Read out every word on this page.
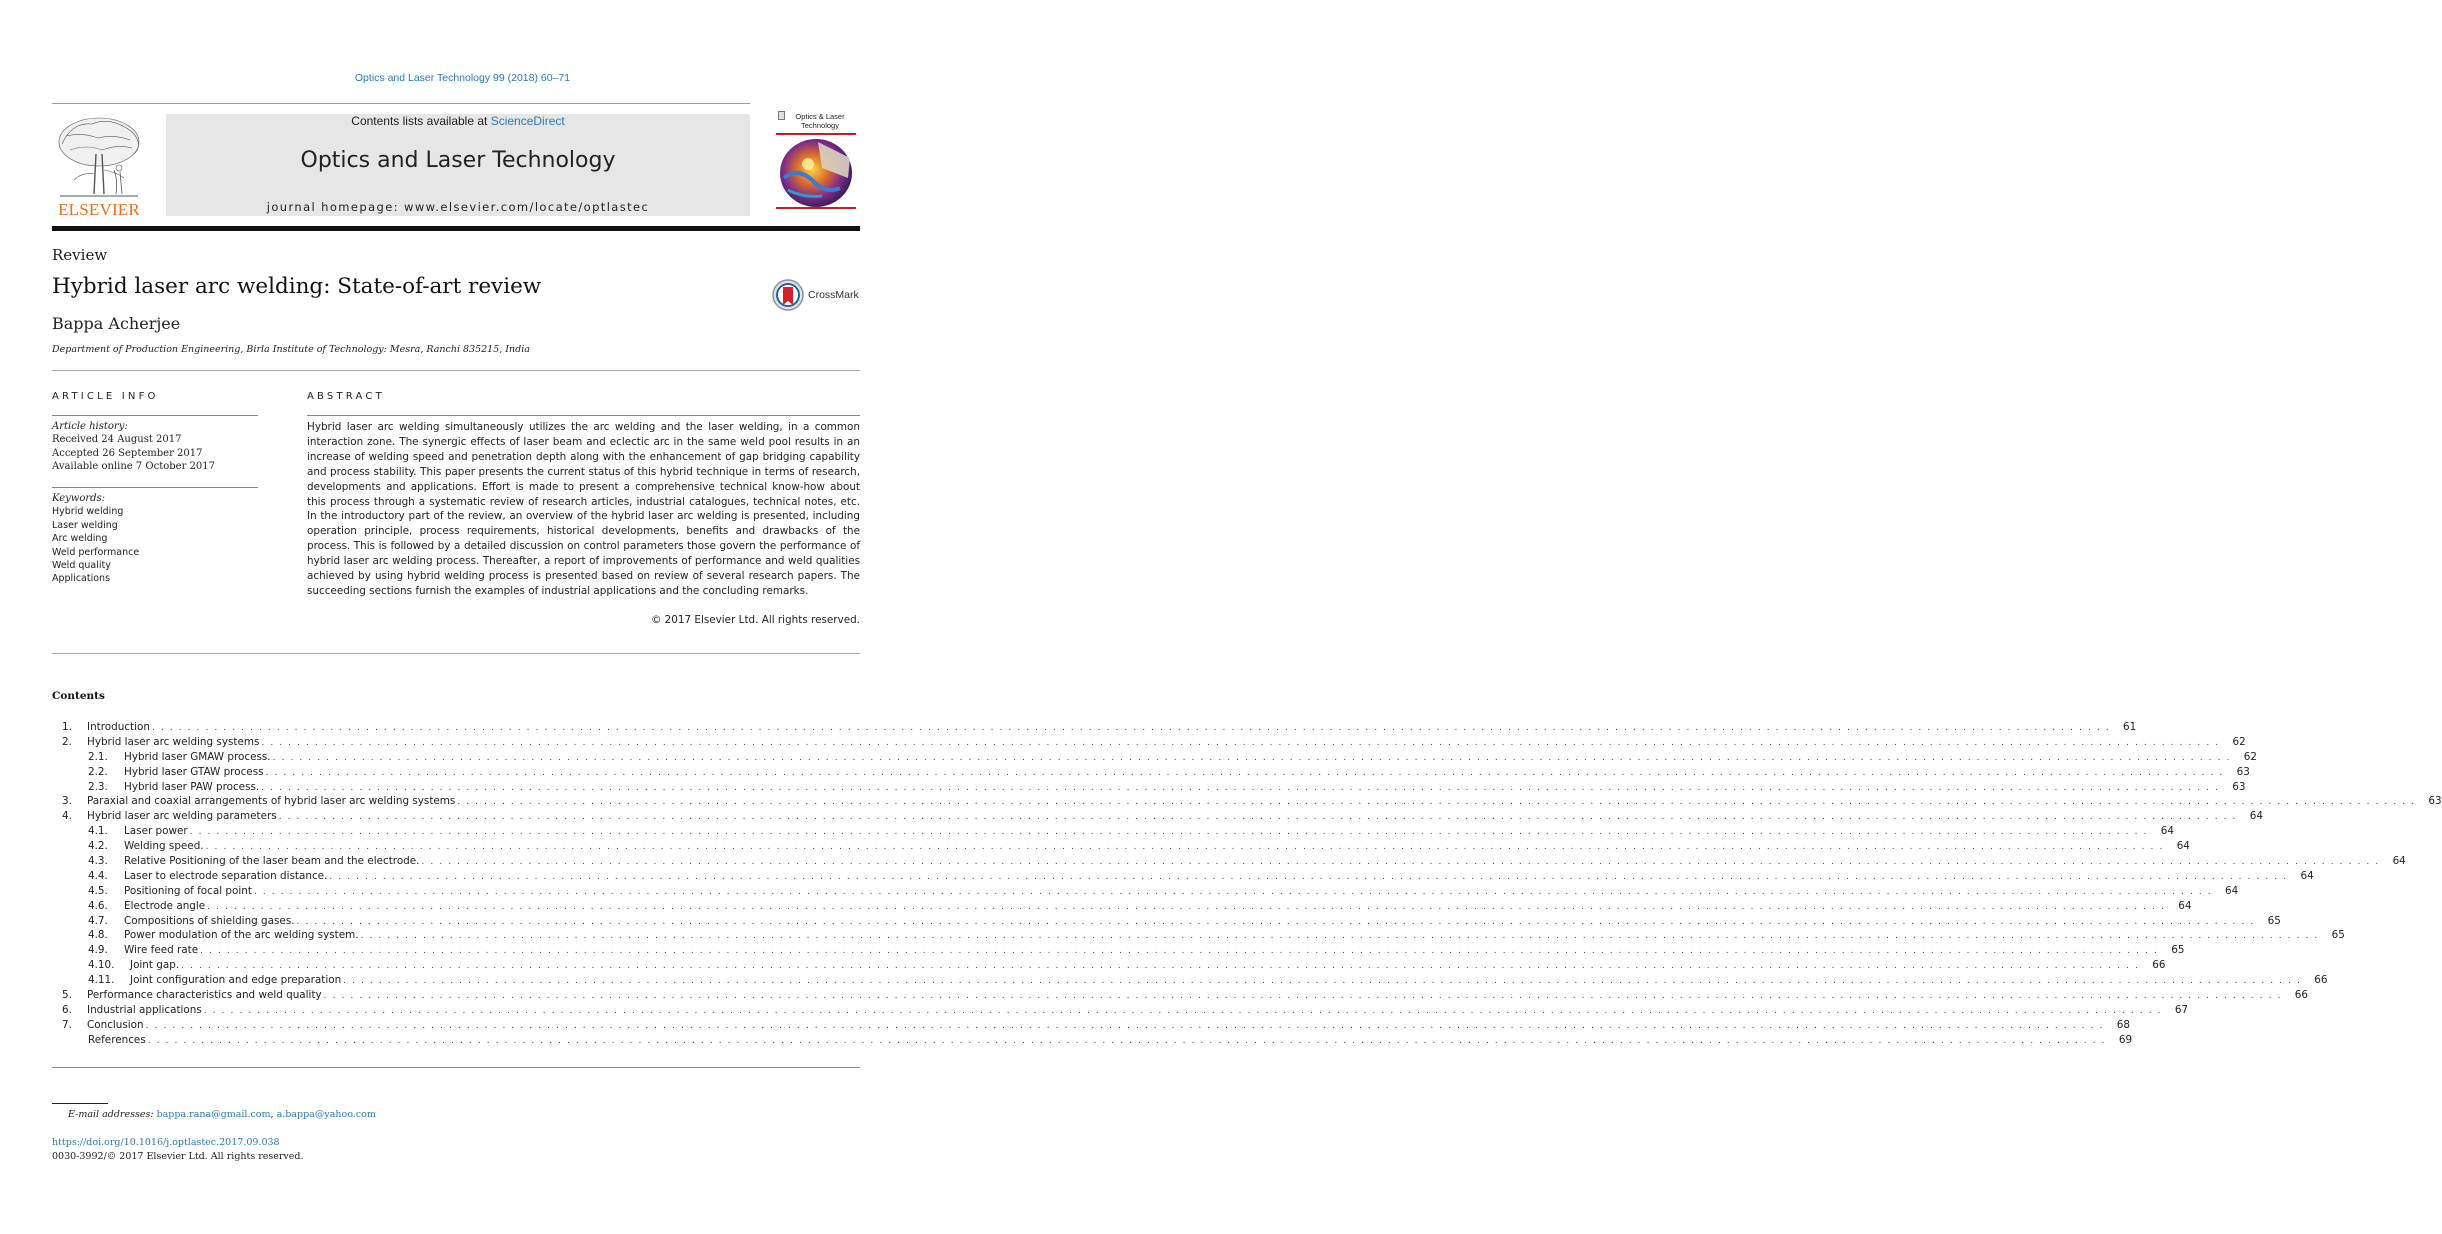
Optics and Laser Technology 99 (2018) 60–71
ELSEVIER
Contents lists available at ScienceDirect
Optics and Laser Technology
journal homepage: www.elsevier.com/locate/optlastec
Optics & Laser Technology
Review
Hybrid laser arc welding: State-of-art review
Bappa Acherjee
Department of Production Engineering, Birla Institute of Technology: Mesra, Ranchi 835215, India
CrossMark
ARTICLE INFO
Article history:
Received 24 August 2017
Accepted 26 September 2017
Available online 7 October 2017
Keywords:
Hybrid welding
Laser welding
Arc welding
Weld performance
Weld quality
Applications
ABSTRACT
Hybrid laser arc welding simultaneously utilizes the arc welding and the laser welding, in a common interaction zone. The synergic effects of laser beam and eclectic arc in the same weld pool results in an increase of welding speed and penetration depth along with the enhancement of gap bridging capability and process stability. This paper presents the current status of this hybrid technique in terms of research, developments and applications. Effort is made to present a comprehensive technical know-how about this process through a systematic review of research articles, industrial catalogues, technical notes, etc. In the introductory part of the review, an overview of the hybrid laser arc welding is presented, including operation principle, process requirements, historical developments, benefits and drawbacks of the process. This is followed by a detailed discussion on control parameters those govern the performance of hybrid laser arc welding process. Thereafter, a report of improvements of performance and weld qualities achieved by using hybrid welding process is presented based on review of several research papers. The succeeding sections furnish the examples of industrial applications and the concluding remarks.
© 2017 Elsevier Ltd. All rights reserved.
Contents
1.	Introduction . . . . . . . . . . . . . . . . . . . . . . . . . . . . . . . . . . . . . . . . . . . . . . . . . . . . . . . . . . . . . . . . . . . . . . . . . . . . . . . . . . . . . . . . . . . . . . . . . . . . . . . . . . . . . . . . . . . . . . . . . . . . . . . . . . . . . . . . . . . . . . . . . . . . . . . . . . . . . . . . . . . . . . . . . . . . . . . . . . . . . . . . . . . . . . . . . . . . . . . . . . . . . . . . . . . . . . . . . . . .	61
2.	Hybrid laser arc welding systems . . . . . . . . . . . . . . . . . . . . . . . . . . . . . . . . . . . . . . . . . . . . . . . . . . . . . . . . . . . . . . . . . . . . . . . . . . . . . . . . . . . . . . . . . . . . . . . . . . . . . . . . . . . . . . . . . . . . . . . . . . . . . . . . . . . . . . . . . . . . . . . . . . . . . . . . . . . . . . . . . . . . . . . . . . . . . . . . . . . . . . . . . . . . . . . . . . . . . . . . . . . . . . . . . . . . . . . . . . . .	62
2.1.	Hybrid laser GMAW process. . . . . . . . . . . . . . . . . . . . . . . . . . . . . . . . . . . . . . . . . . . . . . . . . . . . . . . . . . . . . . . . . . . . . . . . . . . . . . . . . . . . . . . . . . . . . . . . . . . . . . . . . . . . . . . . . . . . . . . . . . . . . . . . . . . . . . . . . . . . . . . . . . . . . . . . . . . . . . . . . . . . . . . . . . . . . . . . . . . . . . . . . . . . . . . . . . . . . . . . . . . . . . . . . . . . . . . . . . . . .	62
2.2.	Hybrid laser GTAW process . . . . . . . . . . . . . . . . . . . . . . . . . . . . . . . . . . . . . . . . . . . . . . . . . . . . . . . . . . . . . . . . . . . . . . . . . . . . . . . . . . . . . . . . . . . . . . . . . . . . . . . . . . . . . . . . . . . . . . . . . . . . . . . . . . . . . . . . . . . . . . . . . . . . . . . . . . . . . . . . . . . . . . . . . . . . . . . . . . . . . . . . . . . . . . . . . . . . . . . . . . . . . . . . . . . . . . . . . . . .	63
2.3.	Hybrid laser PAW process. . . . . . . . . . . . . . . . . . . . . . . . . . . . . . . . . . . . . . . . . . . . . . . . . . . . . . . . . . . . . . . . . . . . . . . . . . . . . . . . . . . . . . . . . . . . . . . . . . . . . . . . . . . . . . . . . . . . . . . . . . . . . . . . . . . . . . . . . . . . . . . . . . . . . . . . . . . . . . . . . . . . . . . . . . . . . . . . . . . . . . . . . . . . . . . . . . . . . . . . . . . . . . . . . . . . . . . . . . . . .	63
3.	Paraxial and coaxial arrangements of hybrid laser arc welding systems . . . . . . . . . . . . . . . . . . . . . . . . . . . . . . . . . . . . . . . . . . . . . . . . . . . . . . . . . . . . . . . . . . . . . . . . . . . . . . . . . . . . . . . . . . . . . . . . . . . . . . . . . . . . . . . . . . . . . . . . . . . . . . . . . . . . . . . . . . . . . . . . . . . . . . . . . . . . . . . . . . . . . . . . . . . . . . . . . . . . . . . . . . . . . . . . . . . . . . . . . . . . . . . . . . . . . . . . . . . .	63
4.	Hybrid laser arc welding parameters . . . . . . . . . . . . . . . . . . . . . . . . . . . . . . . . . . . . . . . . . . . . . . . . . . . . . . . . . . . . . . . . . . . . . . . . . . . . . . . . . . . . . . . . . . . . . . . . . . . . . . . . . . . . . . . . . . . . . . . . . . . . . . . . . . . . . . . . . . . . . . . . . . . . . . . . . . . . . . . . . . . . . . . . . . . . . . . . . . . . . . . . . . . . . . . . . . . . . . . . . . . . . . . . . . . . . . . . . . . .	64
4.1.	Laser power . . . . . . . . . . . . . . . . . . . . . . . . . . . . . . . . . . . . . . . . . . . . . . . . . . . . . . . . . . . . . . . . . . . . . . . . . . . . . . . . . . . . . . . . . . . . . . . . . . . . . . . . . . . . . . . . . . . . . . . . . . . . . . . . . . . . . . . . . . . . . . . . . . . . . . . . . . . . . . . . . . . . . . . . . . . . . . . . . . . . . . . . . . . . . . . . . . . . . . . . . . . . . . . . . . . . . . . . . . . .	64
4.2.	Welding speed. . . . . . . . . . . . . . . . . . . . . . . . . . . . . . . . . . . . . . . . . . . . . . . . . . . . . . . . . . . . . . . . . . . . . . . . . . . . . . . . . . . . . . . . . . . . . . . . . . . . . . . . . . . . . . . . . . . . . . . . . . . . . . . . . . . . . . . . . . . . . . . . . . . . . . . . . . . . . . . . . . . . . . . . . . . . . . . . . . . . . . . . . . . . . . . . . . . . . . . . . . . . . . . . . . . . . . . . . . . . .	64
4.3.	Relative Positioning of the laser beam and the electrode. . . . . . . . . . . . . . . . . . . . . . . . . . . . . . . . . . . . . . . . . . . . . . . . . . . . . . . . . . . . . . . . . . . . . . . . . . . . . . . . . . . . . . . . . . . . . . . . . . . . . . . . . . . . . . . . . . . . . . . . . . . . . . . . . . . . . . . . . . . . . . . . . . . . . . . . . . . . . . . . . . . . . . . . . . . . . . . . . . . . . . . . . . . . . . . . . . . . . . . . . . . . . . . . . . . . . . . . . . . . .	64
4.4.	Laser to electrode separation distance. . . . . . . . . . . . . . . . . . . . . . . . . . . . . . . . . . . . . . . . . . . . . . . . . . . . . . . . . . . . . . . . . . . . . . . . . . . . . . . . . . . . . . . . . . . . . . . . . . . . . . . . . . . . . . . . . . . . . . . . . . . . . . . . . . . . . . . . . . . . . . . . . . . . . . . . . . . . . . . . . . . . . . . . . . . . . . . . . . . . . . . . . . . . . . . . . . . . . . . . . . . . . . . . . . . . . . . . . . . . .	64
4.5.	Positioning of focal point . . . . . . . . . . . . . . . . . . . . . . . . . . . . . . . . . . . . . . . . . . . . . . . . . . . . . . . . . . . . . . . . . . . . . . . . . . . . . . . . . . . . . . . . . . . . . . . . . . . . . . . . . . . . . . . . . . . . . . . . . . . . . . . . . . . . . . . . . . . . . . . . . . . . . . . . . . . . . . . . . . . . . . . . . . . . . . . . . . . . . . . . . . . . . . . . . . . . . . . . . . . . . . . . . . . . . . . . . . . .	64
4.6.	Electrode angle . . . . . . . . . . . . . . . . . . . . . . . . . . . . . . . . . . . . . . . . . . . . . . . . . . . . . . . . . . . . . . . . . . . . . . . . . . . . . . . . . . . . . . . . . . . . . . . . . . . . . . . . . . . . . . . . . . . . . . . . . . . . . . . . . . . . . . . . . . . . . . . . . . . . . . . . . . . . . . . . . . . . . . . . . . . . . . . . . . . . . . . . . . . . . . . . . . . . . . . . . . . . . . . . . . . . . . . . . . . .	64
4.7.	Compositions of shielding gases. . . . . . . . . . . . . . . . . . . . . . . . . . . . . . . . . . . . . . . . . . . . . . . . . . . . . . . . . . . . . . . . . . . . . . . . . . . . . . . . . . . . . . . . . . . . . . . . . . . . . . . . . . . . . . . . . . . . . . . . . . . . . . . . . . . . . . . . . . . . . . . . . . . . . . . . . . . . . . . . . . . . . . . . . . . . . . . . . . . . . . . . . . . . . . . . . . . . . . . . . . . . . . . . . . . . . . . . . . . . .	65
4.8.	Power modulation of the arc welding system. . . . . . . . . . . . . . . . . . . . . . . . . . . . . . . . . . . . . . . . . . . . . . . . . . . . . . . . . . . . . . . . . . . . . . . . . . . . . . . . . . . . . . . . . . . . . . . . . . . . . . . . . . . . . . . . . . . . . . . . . . . . . . . . . . . . . . . . . . . . . . . . . . . . . . . . . . . . . . . . . . . . . . . . . . . . . . . . . . . . . . . . . . . . . . . . . . . . . . . . . . . . . . . . . . . . . . . . . . . . .	65
4.9.	Wire feed rate . . . . . . . . . . . . . . . . . . . . . . . . . . . . . . . . . . . . . . . . . . . . . . . . . . . . . . . . . . . . . . . . . . . . . . . . . . . . . . . . . . . . . . . . . . . . . . . . . . . . . . . . . . . . . . . . . . . . . . . . . . . . . . . . . . . . . . . . . . . . . . . . . . . . . . . . . . . . . . . . . . . . . . . . . . . . . . . . . . . . . . . . . . . . . . . . . . . . . . . . . . . . . . . . . . . . . . . . . . . .	65
4.10.	Joint gap. . . . . . . . . . . . . . . . . . . . . . . . . . . . . . . . . . . . . . . . . . . . . . . . . . . . . . . . . . . . . . . . . . . . . . . . . . . . . . . . . . . . . . . . . . . . . . . . . . . . . . . . . . . . . . . . . . . . . . . . . . . . . . . . . . . . . . . . . . . . . . . . . . . . . . . . . . . . . . . . . . . . . . . . . . . . . . . . . . . . . . . . . . . . . . . . . . . . . . . . . . . . . . . . . . . . . . . . . . . . .	66
4.11.	Joint configuration and edge preparation . . . . . . . . . . . . . . . . . . . . . . . . . . . . . . . . . . . . . . . . . . . . . . . . . . . . . . . . . . . . . . . . . . . . . . . . . . . . . . . . . . . . . . . . . . . . . . . . . . . . . . . . . . . . . . . . . . . . . . . . . . . . . . . . . . . . . . . . . . . . . . . . . . . . . . . . . . . . . . . . . . . . . . . . . . . . . . . . . . . . . . . . . . . . . . . . . . . . . . . . . . . . . . . . . . . . . . . . . . . .	66
5.	Performance characteristics and weld quality . . . . . . . . . . . . . . . . . . . . . . . . . . . . . . . . . . . . . . . . . . . . . . . . . . . . . . . . . . . . . . . . . . . . . . . . . . . . . . . . . . . . . . . . . . . . . . . . . . . . . . . . . . . . . . . . . . . . . . . . . . . . . . . . . . . . . . . . . . . . . . . . . . . . . . . . . . . . . . . . . . . . . . . . . . . . . . . . . . . . . . . . . . . . . . . . . . . . . . . . . . . . . . . . . . . . . . . . . . . .	66
6.	Industrial applications . . . . . . . . . . . . . . . . . . . . . . . . . . . . . . . . . . . . . . . . . . . . . . . . . . . . . . . . . . . . . . . . . . . . . . . . . . . . . . . . . . . . . . . . . . . . . . . . . . . . . . . . . . . . . . . . . . . . . . . . . . . . . . . . . . . . . . . . . . . . . . . . . . . . . . . . . . . . . . . . . . . . . . . . . . . . . . . . . . . . . . . . . . . . . . . . . . . . . . . . . . . . . . . . . . . . . . . . . . . .	67
7.	Conclusion . . . . . . . . . . . . . . . . . . . . . . . . . . . . . . . . . . . . . . . . . . . . . . . . . . . . . . . . . . . . . . . . . . . . . . . . . . . . . . . . . . . . . . . . . . . . . . . . . . . . . . . . . . . . . . . . . . . . . . . . . . . . . . . . . . . . . . . . . . . . . . . . . . . . . . . . . . . . . . . . . . . . . . . . . . . . . . . . . . . . . . . . . . . . . . . . . . . . . . . . . . . . . . . . . . . . . . . . . . . .	68
References . . . . . . . . . . . . . . . . . . . . . . . . . . . . . . . . . . . . . . . . . . . . . . . . . . . . . . . . . . . . . . . . . . . . . . . . . . . . . . . . . . . . . . . . . . . . . . . . . . . . . . . . . . . . . . . . . . . . . . . . . . . . . . . . . . . . . . . . . . . . . . . . . . . . . . . . . . . . . . . . . . . . . . . . . . . . . . . . . . . . . . . . . . . . . . . . . . . . . . . . . . . . . . . . . . . . . . . . . . . .	69
E-mail addresses: bappa.rana@gmail.com, a.bappa@yahoo.com
https://doi.org/10.1016/j.optlastec.2017.09.038
0030-3992/© 2017 Elsevier Ltd. All rights reserved.
